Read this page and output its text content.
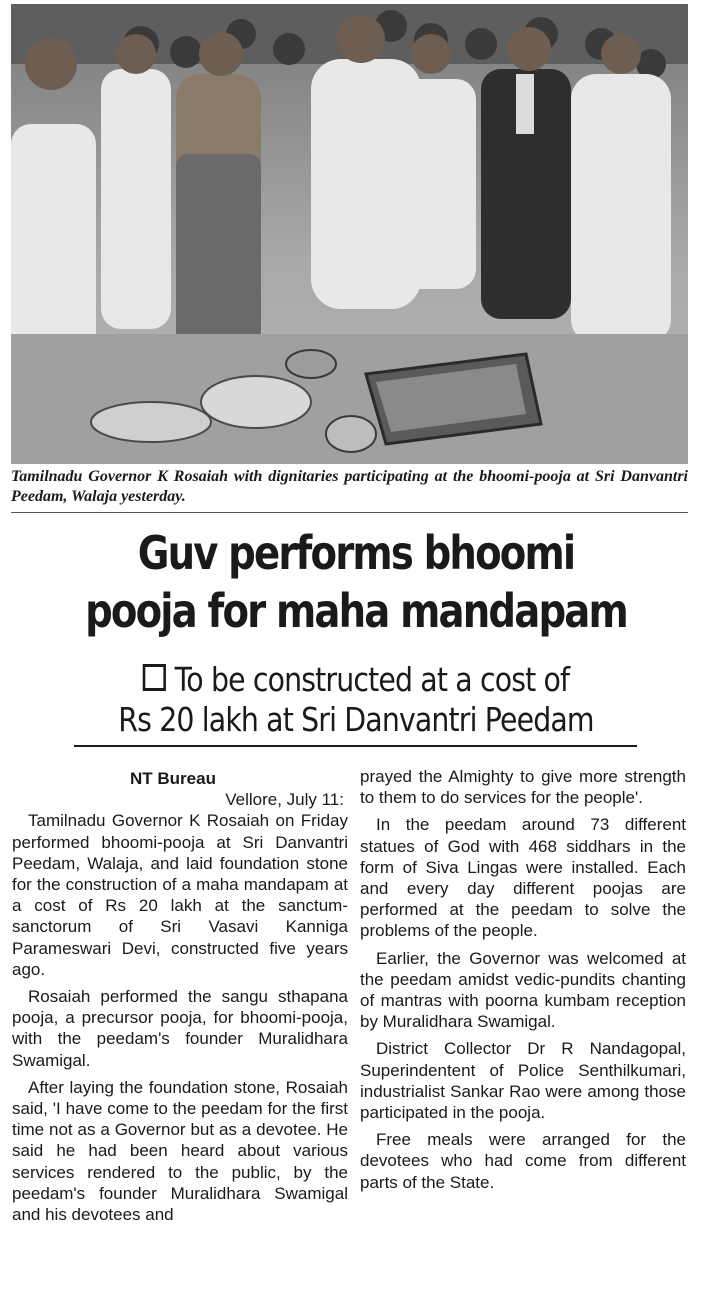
Tamilnadu Governor K Rosaiah with dignitaries participating at the bhoomi-pooja at Sri Danvantri Peedam, Walaja yesterday.
Guv performs bhoomi
pooja for maha mandapam
To be constructed at a cost of
Rs 20 lakh at Sri Danvantri Peedam
NT Bureau
Vellore, July 11:

Tamilnadu Governor K Rosaiah on Friday performed bhoomi-pooja at Sri Danvantri Peedam, Walaja, and laid foundation stone for the construction of a maha mandapam at a cost of Rs 20 lakh at the sanctum-sanctorum of Sri Vasavi Kanniga Parameswari Devi, constructed five years ago.

Rosaiah performed the sangu sthapana pooja, a precursor pooja, for bhoomi-pooja, with the peedam's founder Muralidhara Swamigal.

After laying the foundation stone, Rosaiah said, 'I have come to the peedam for the first time not as a Governor but as a devotee. He said he had been heard about various services rendered to the public, by the peedam's founder Muralidhara Swamigal and his devotees and

prayed the Almighty to give more strength to them to do services for the people'.

In the peedam around 73 different statues of God with 468 siddhars in the form of Siva Lingas were installed. Each and every day different poojas are performed at the peedam to solve the problems of the people.

Earlier, the Governor was welcomed at the peedam amidst vedic-pundits chanting of mantras with poorna kumbam reception by Muralidhara Swamigal.

District Collector Dr R Nandagopal, Superindentent of Police Senthilkumari, industrialist Sankar Rao were among those participated in the pooja.

Free meals were arranged for the devotees who had come from different parts of the State.
